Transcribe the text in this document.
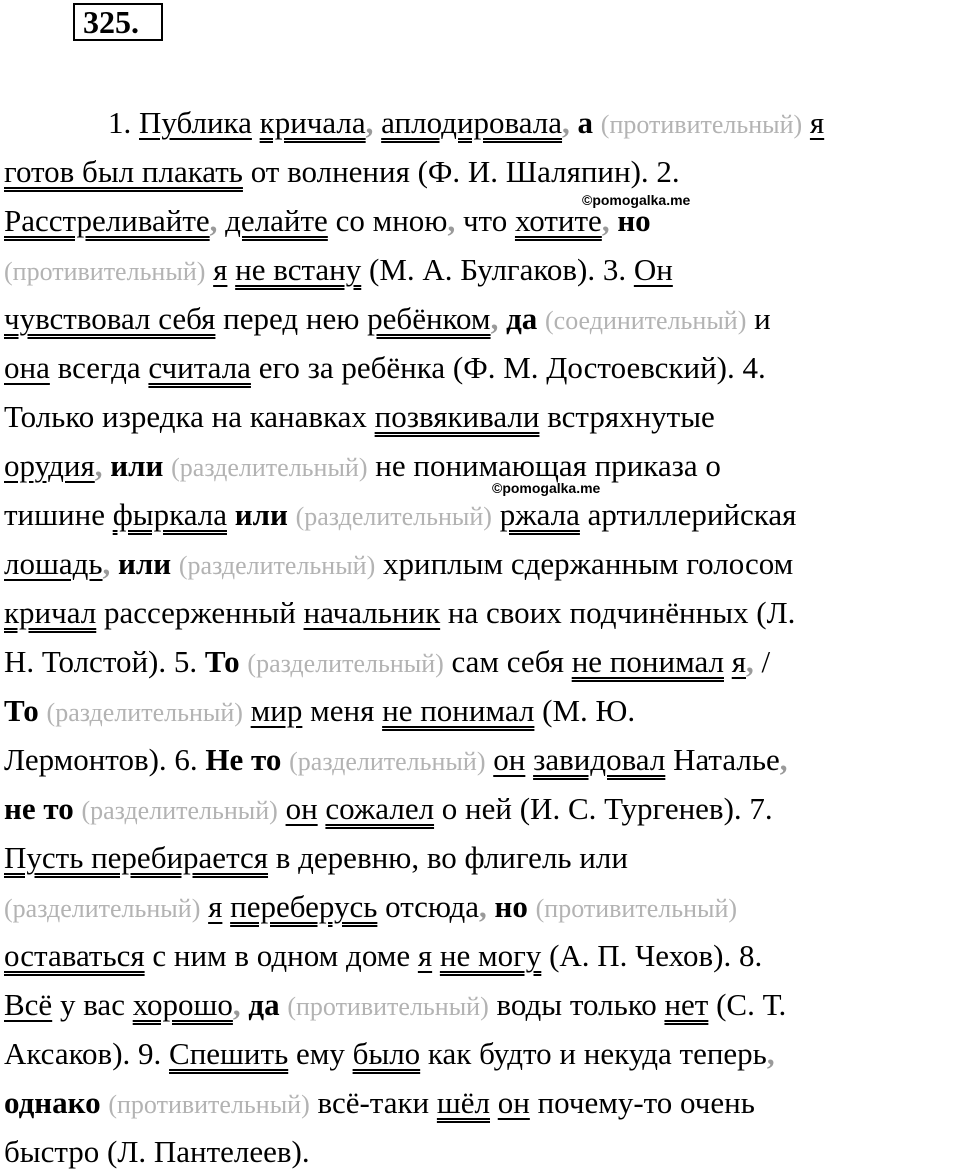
325.
©pomogalka.me
©pomogalka.me
1. Публика кричала, аплодировала, а (противительный) я
готов был плакать от волнения (Ф. И. Шаляпин). 2.
Расстреливайте, делайте со мною, что хотите, но
(противительный) я не встану (М. А. Булгаков). 3. Он
чувствовал себя перед нею ребёнком, да (соединительный) и
она всегда считала его за ребёнка (Ф. М. Достоевский). 4.
Только изредка на канавках позвякивали встряхнутые
орудия, или (разделительный) не понимающая приказа о
тишине фыркала или (разделительный) ржала артиллерийская
лошадь, или (разделительный) хриплым сдержанным голосом
кричал рассерженный начальник на своих подчинённых (Л.
Н. Толстой). 5. То (разделительный) сам себя не понимал я, /
То (разделительный) мир меня не понимал (М. Ю.
Лермонтов). 6. Не то (разделительный) он завидовал Наталье,
не то (разделительный) он сожалел о ней (И. С. Тургенев). 7.
Пусть перебирается в деревню, во флигель или
(разделительный) я переберусь отсюда, но (противительный)
оставаться с ним в одном доме я не могу (А. П. Чехов). 8.
Всё у вас хорошо, да (противительный) воды только нет (С. Т.
Аксаков). 9. Спешить ему было как будто и некуда теперь,
однако (противительный) всё-таки шёл он почему-то очень
быстро (Л. Пантелеев).
